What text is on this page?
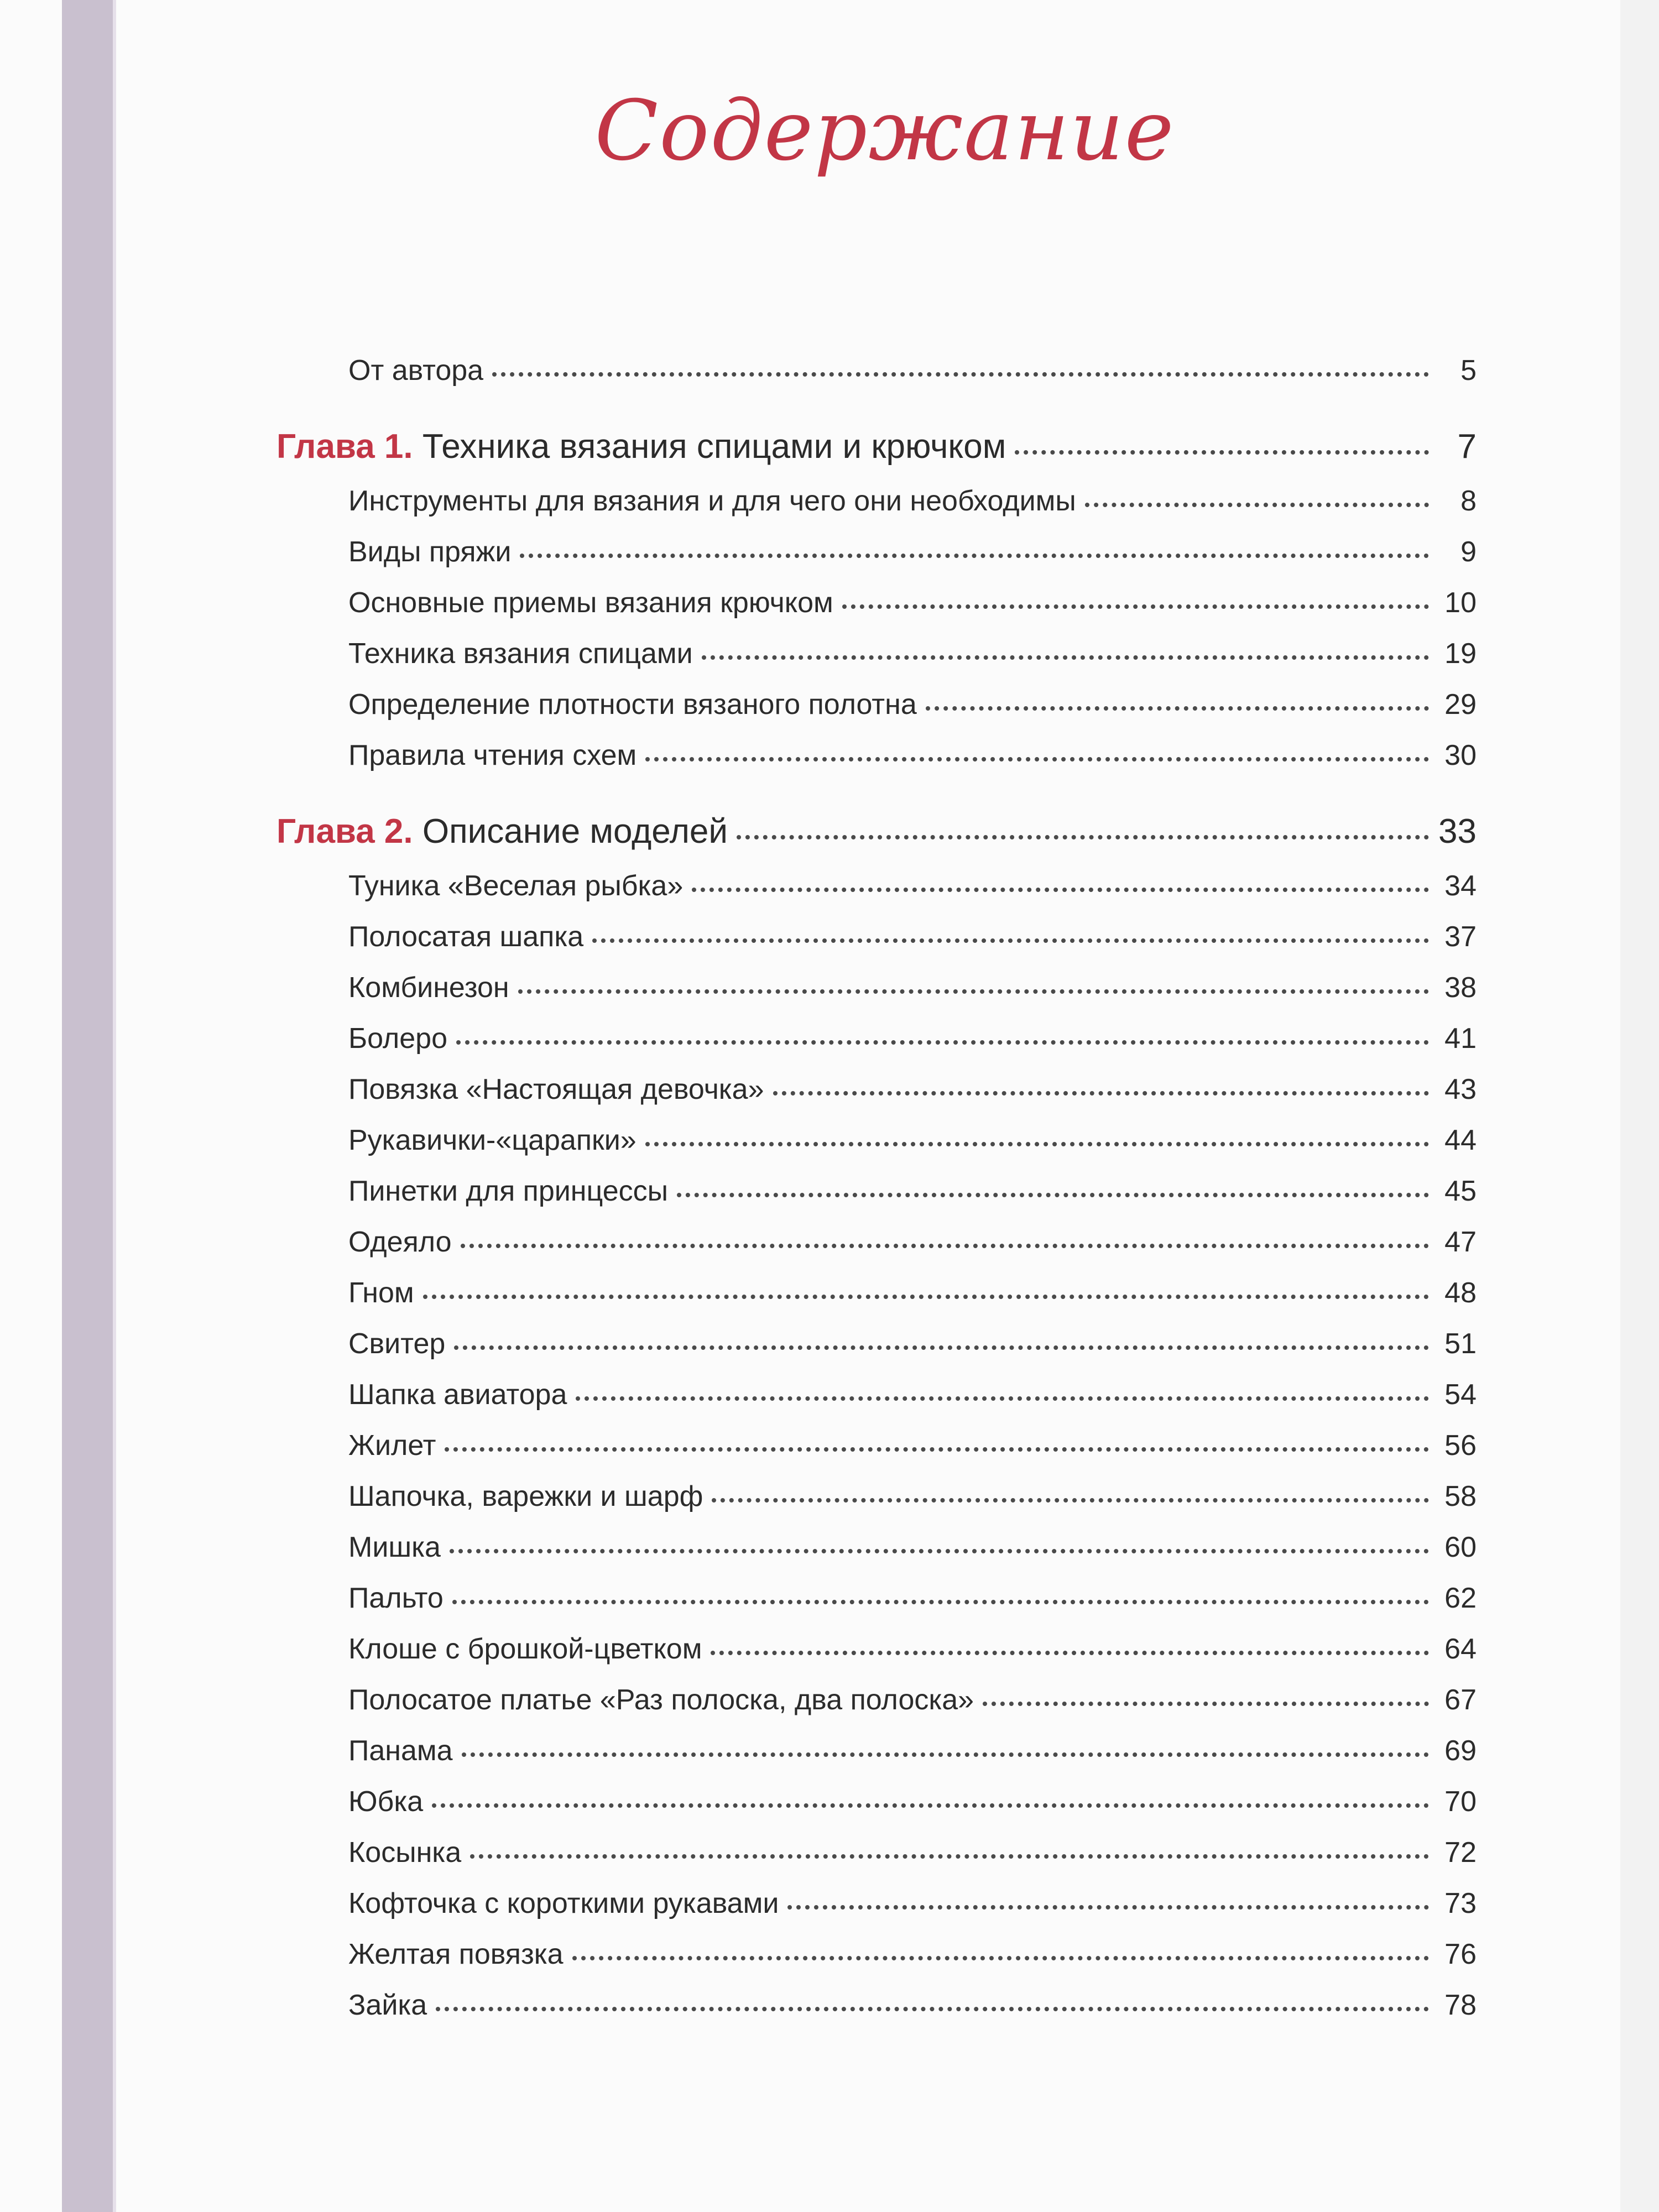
Содержание
От автора	5
Глава 1. Техника вязания спицами и крючком	7
Инструменты для вязания и для чего они необходимы	8
Виды пряжи	9
Основные приемы вязания крючком	10
Техника вязания спицами	19
Определение плотности вязаного полотна	29
Правила чтения схем	30
Глава 2. Описание моделей	33
Туника «Веселая рыбка»	34
Полосатая шапка	37
Комбинезон	38
Болеро	41
Повязка «Настоящая девочка»	43
Рукавички-«царапки»	44
Пинетки для принцессы	45
Одеяло	47
Гном	48
Свитер	51
Шапка авиатора	54
Жилет	56
Шапочка, варежки и шарф	58
Мишка	60
Пальто	62
Клоше с брошкой-цветком	64
Полосатое платье «Раз полоска, два полоска»	67
Панама	69
Юбка	70
Косынка	72
Кофточка с короткими рукавами	73
Желтая повязка	76
Зайка	78
